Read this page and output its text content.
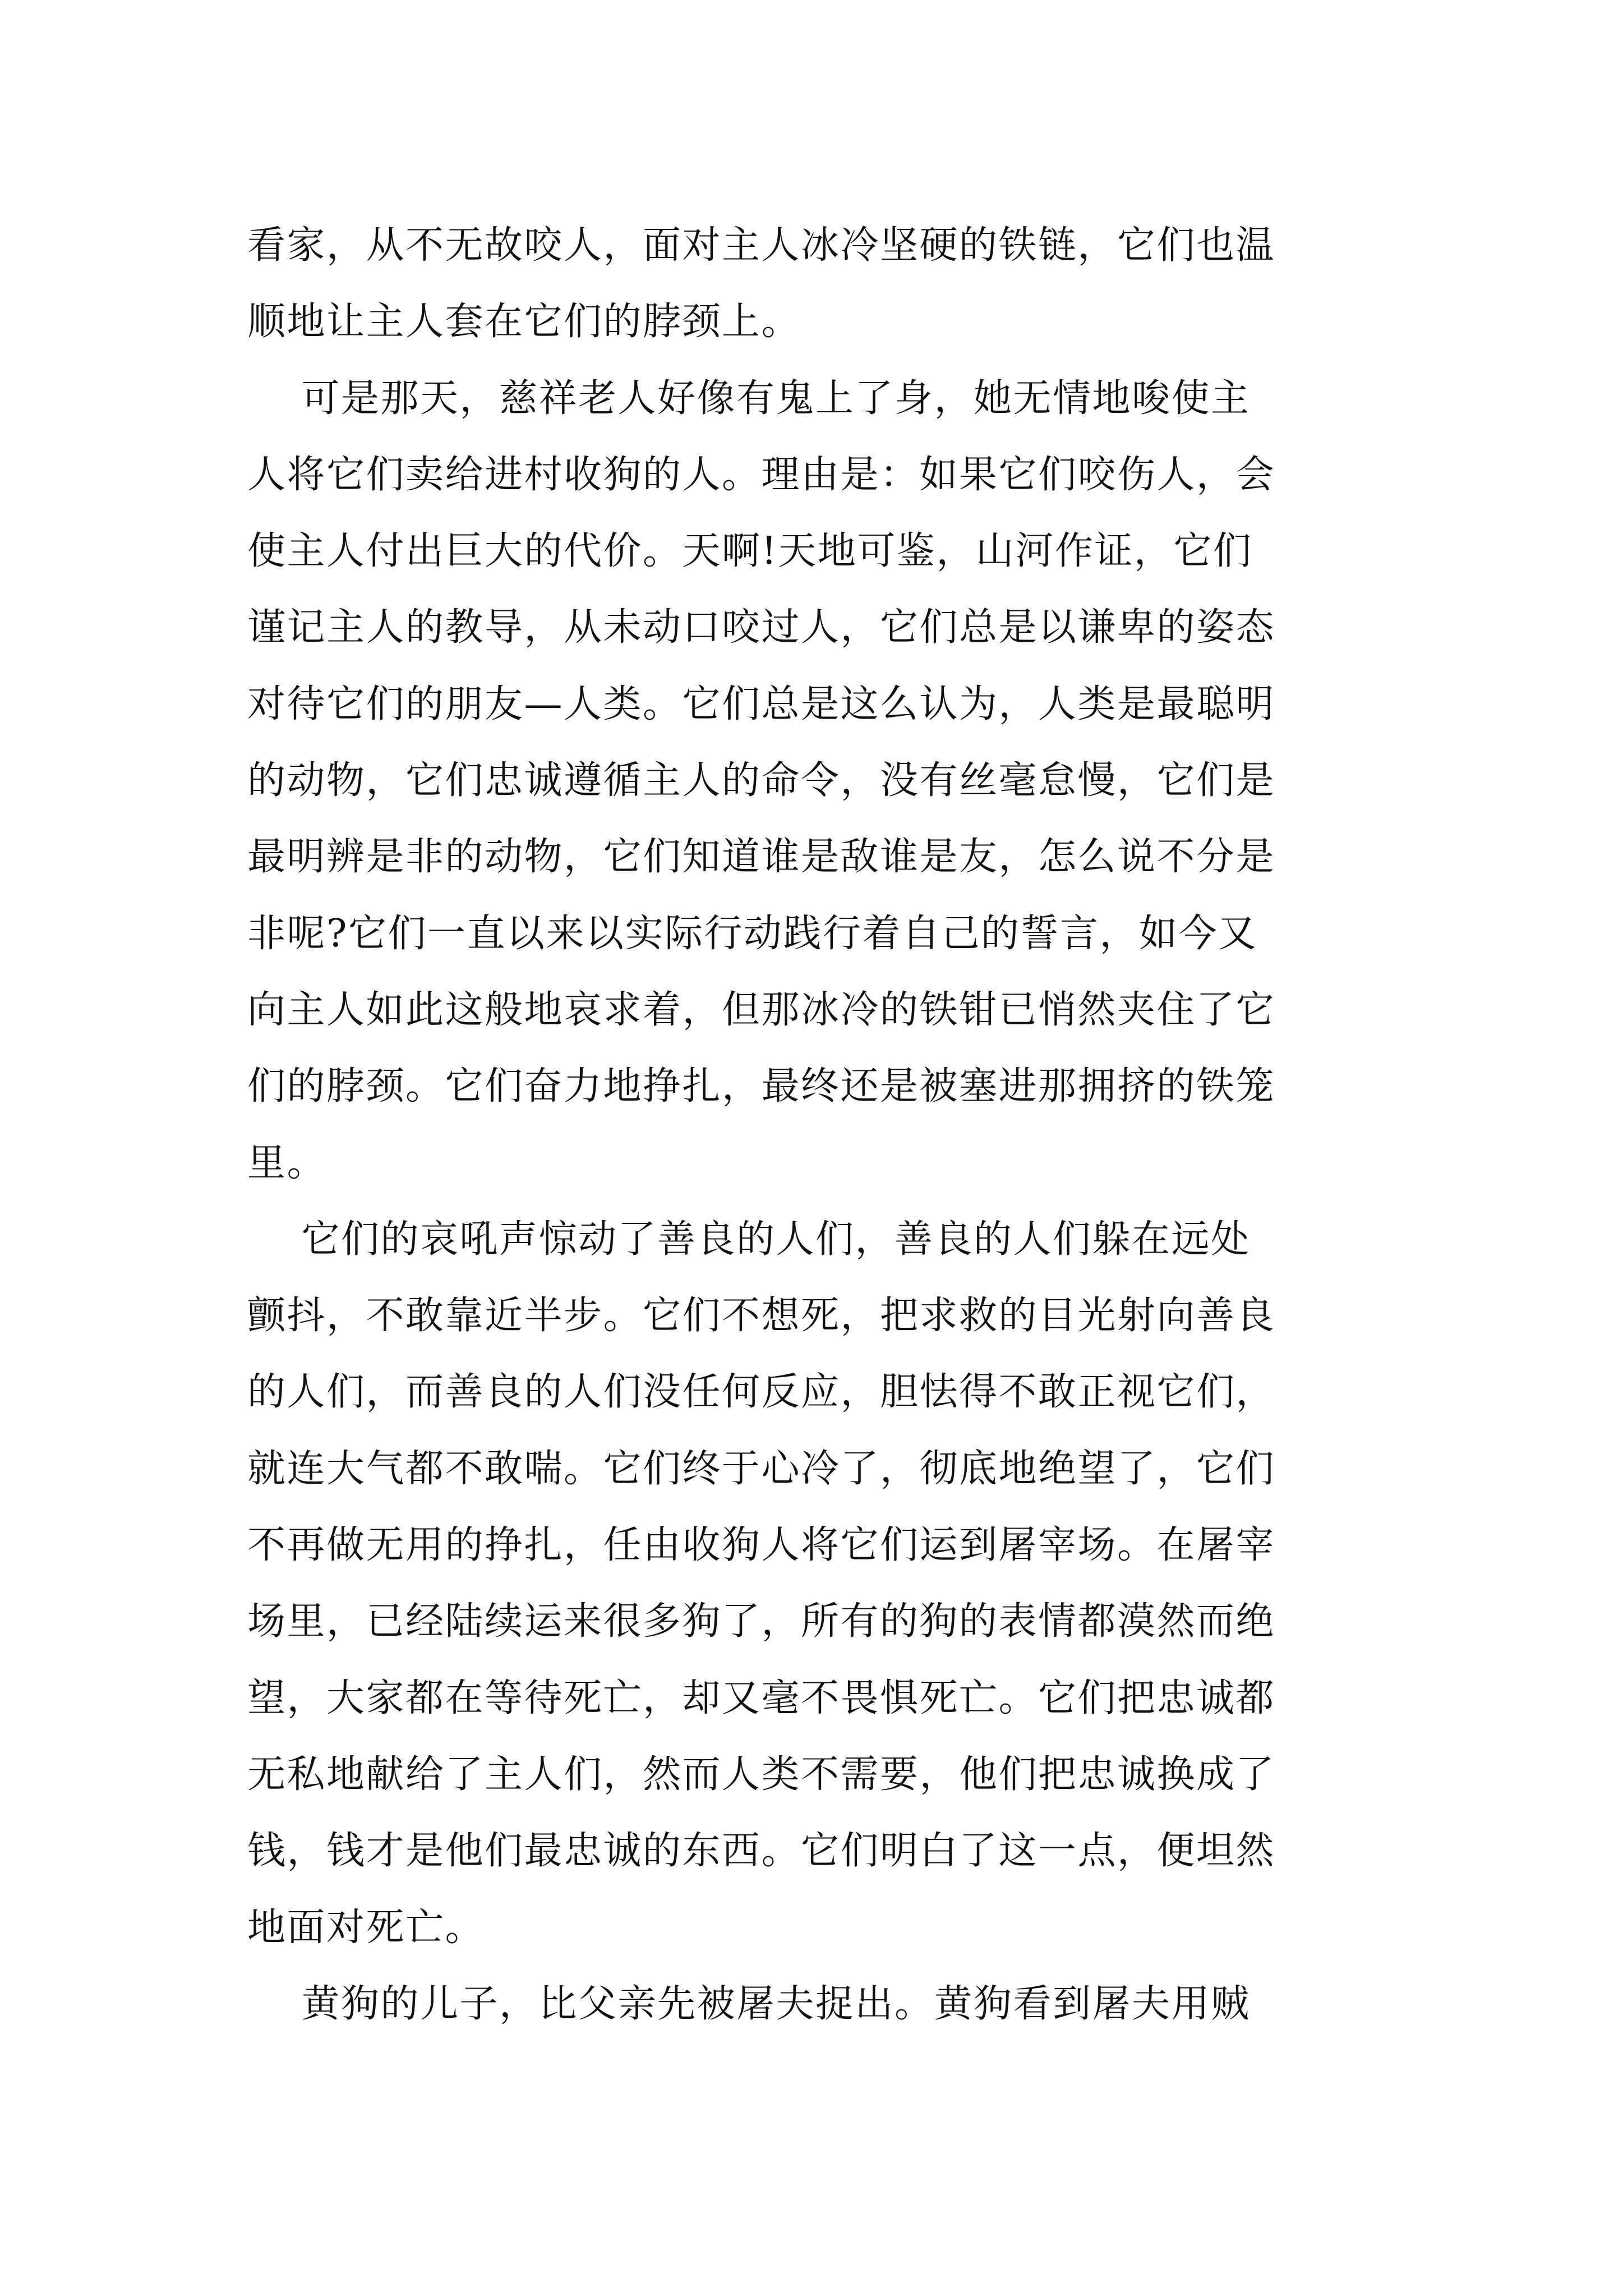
看家，从不无故咬人，面对主人冰冷坚硬的铁链，它们也温
顺地让主人套在它们的脖颈上。
可是那天，慈祥老人好像有鬼上了身，她无情地唆使主
人将它们卖给进村收狗的人。理由是：如果它们咬伤人，会
使主人付出巨大的代价。天啊!天地可鉴，山河作证，它们
谨记主人的教导，从未动口咬过人，它们总是以谦卑的姿态
对待它们的朋友—人类。它们总是这么认为，人类是最聪明
的动物，它们忠诚遵循主人的命令，没有丝毫怠慢，它们是
最明辨是非的动物，它们知道谁是敌谁是友，怎么说不分是
非呢?它们一直以来以实际行动践行着自己的誓言，如今又
向主人如此这般地哀求着，但那冰冷的铁钳已悄然夹住了它
们的脖颈。它们奋力地挣扎，最终还是被塞进那拥挤的铁笼
里。
它们的哀吼声惊动了善良的人们，善良的人们躲在远处
颤抖，不敢靠近半步。它们不想死，把求救的目光射向善良
的人们，而善良的人们没任何反应，胆怯得不敢正视它们，
就连大气都不敢喘。它们终于心冷了，彻底地绝望了，它们
不再做无用的挣扎，任由收狗人将它们运到屠宰场。在屠宰
场里，已经陆续运来很多狗了，所有的狗的表情都漠然而绝
望，大家都在等待死亡，却又毫不畏惧死亡。它们把忠诚都
无私地献给了主人们，然而人类不需要，他们把忠诚换成了
钱，钱才是他们最忠诚的东西。它们明白了这一点，便坦然
地面对死亡。
黄狗的儿子，比父亲先被屠夫捉出。黄狗看到屠夫用贼
